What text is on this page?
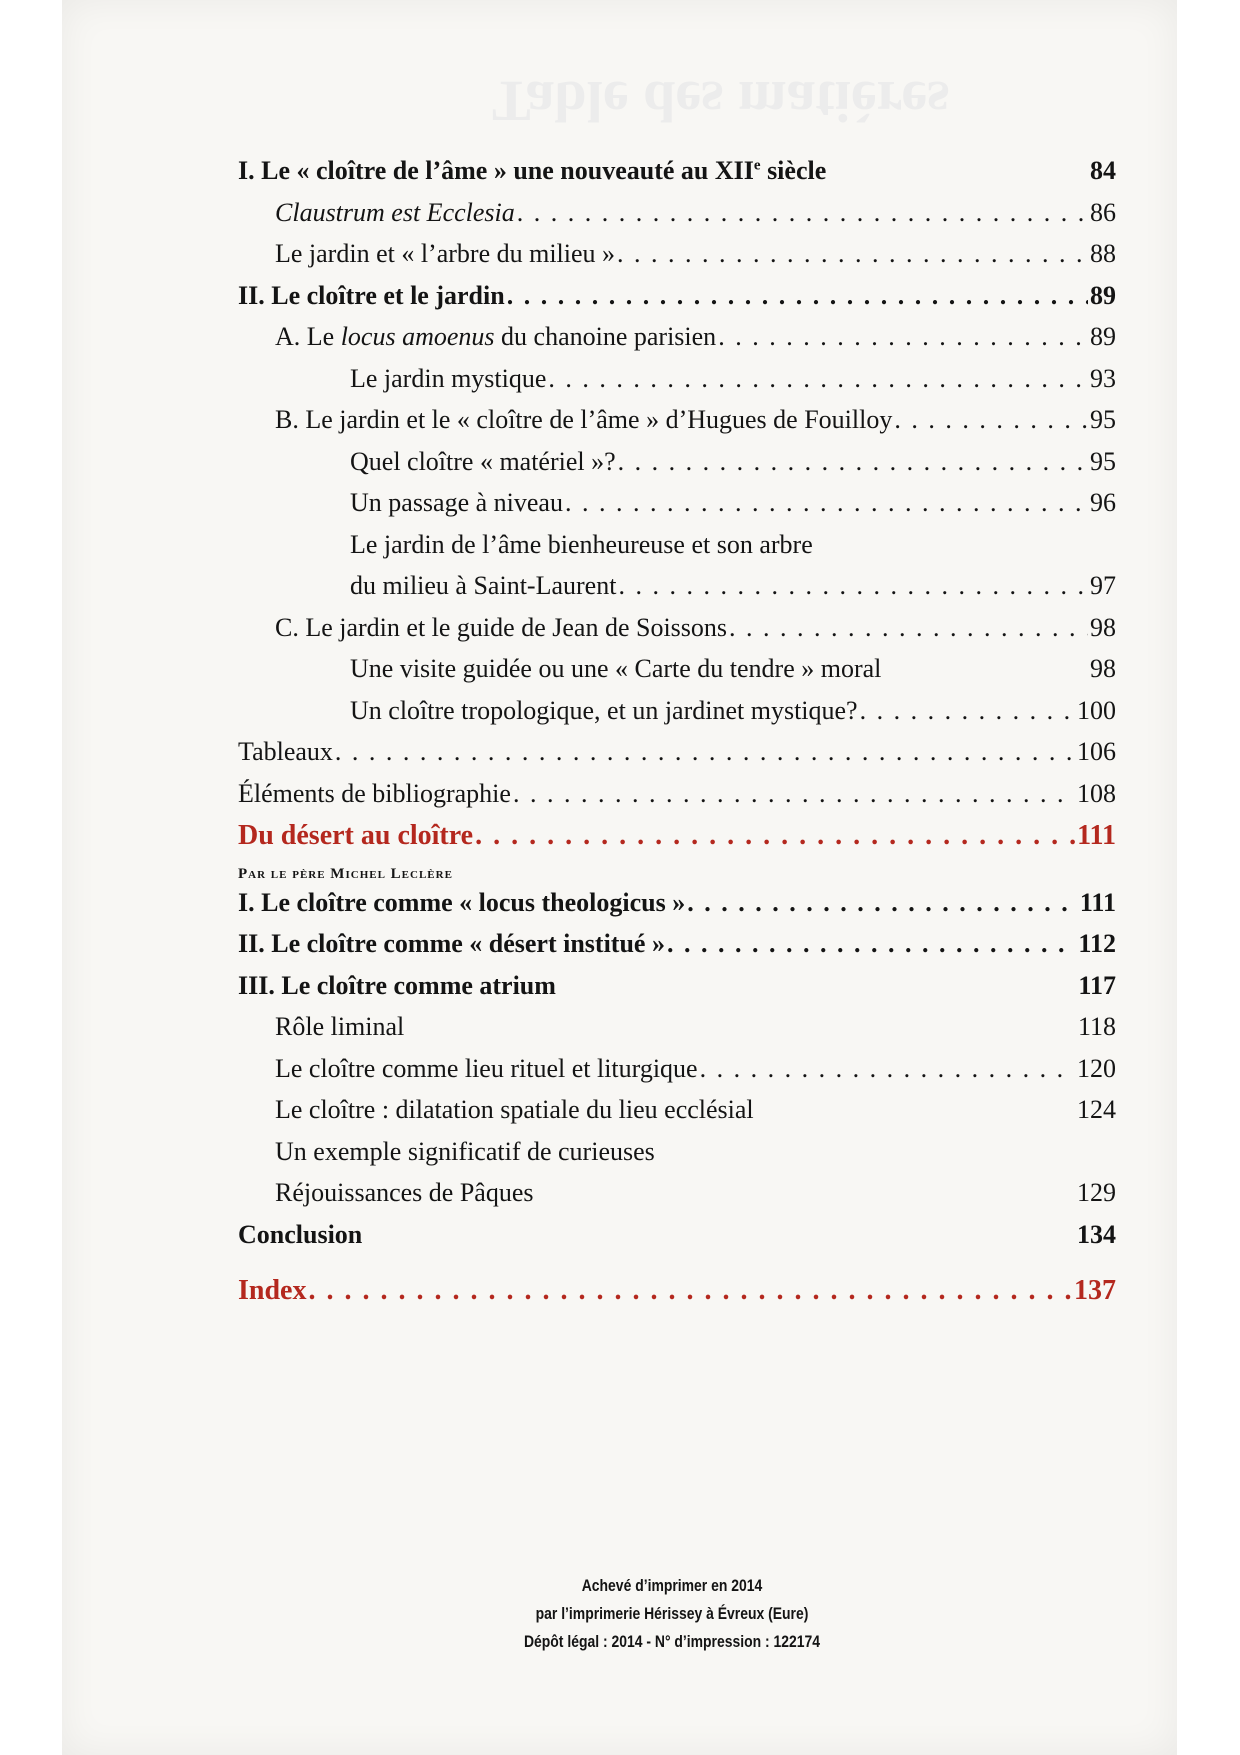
Table des matières
I. Le « cloître de l’âme » une nouveauté au XIIe siècle	84
Claustrum est Ecclesia . . .	86
Le jardin et « l’arbre du milieu » . . .	88
II. Le cloître et le jardin . . .	89
A. Le locus amoenus du chanoine parisien . . .	89
Le jardin mystique . . .	93
B. Le jardin et le « cloître de l’âme » d’Hugues de Fouilloy . . .	95
Quel cloître « matériel »? . . .	95
Un passage à niveau . . .	96
Le jardin de l’âme bienheureuse et son arbre
du milieu à Saint-Laurent . . .	97
C. Le jardin et le guide de Jean de Soissons . . .	98
Une visite guidée ou une « Carte du tendre » moral	98
Un cloître tropologique, et un jardinet mystique? . . .	100
Tableaux . . .	106
Éléments de bibliographie . . .	108
Du désert au cloître . . .	111
Par le père Michel Leclère
I. Le cloître comme « locus theologicus » . . .	111
II. Le cloître comme « désert institué » . . .	112
III. Le cloître comme atrium	117
Rôle liminal	118
Le cloître comme lieu rituel et liturgique . . .	120
Le cloître : dilatation spatiale du lieu ecclésial	124
Un exemple significatif de curieuses
Réjouissances de Pâques	129
Conclusion	134
Index . . .	137
Achevé d’imprimer en 2014
par l’imprimerie Hérissey à Évreux (Eure)
Dépôt légal : 2014 - N° d’impression : 122174
